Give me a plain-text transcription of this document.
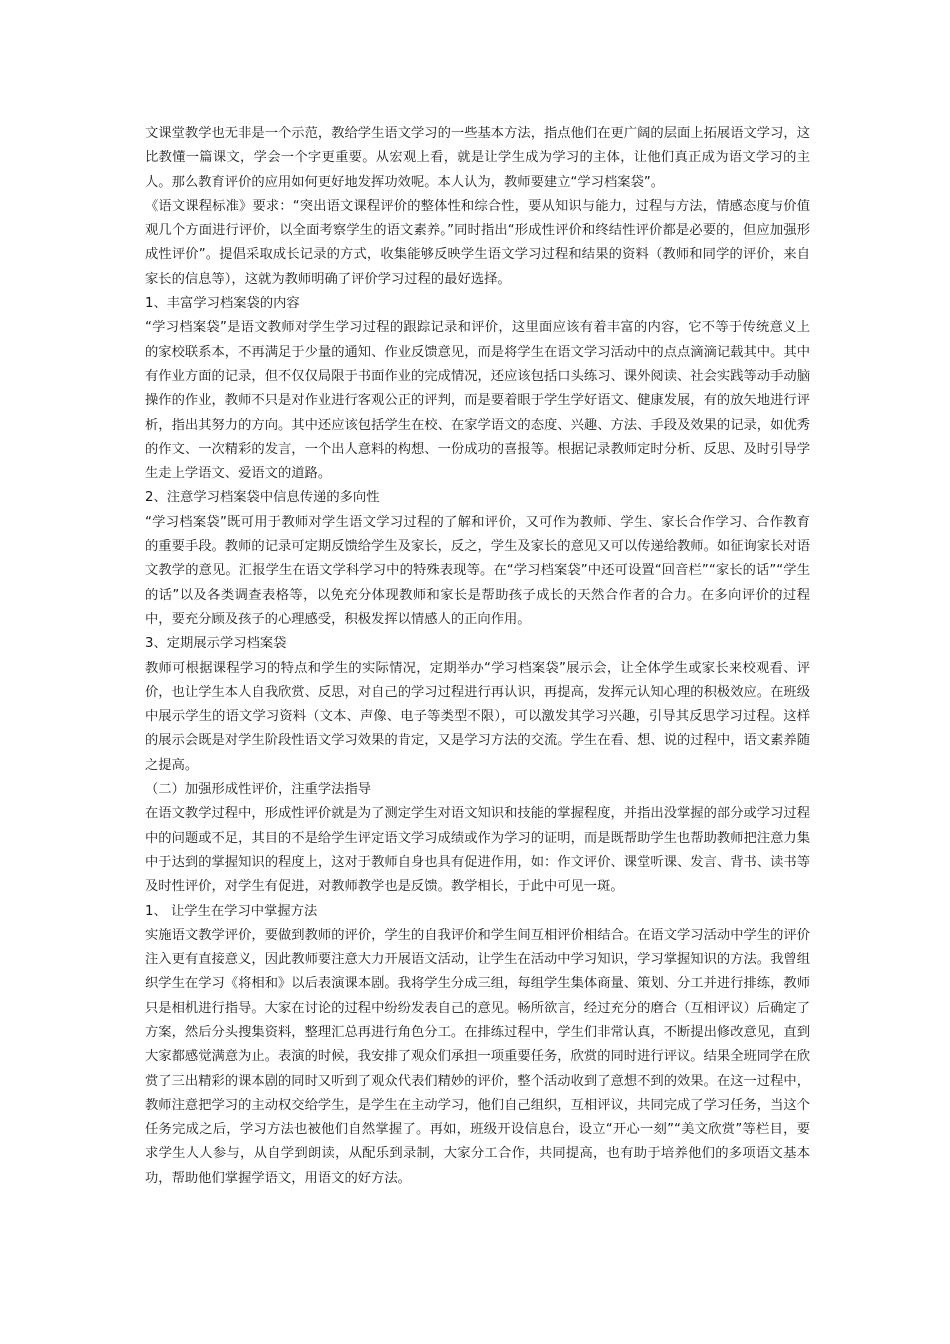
文课堂教学也无非是一个示范，教给学生语文学习的一些基本方法，指点他们在更广阔的层面上拓展语文学习，这比教懂一篇课文，学会一个字更重要。从宏观上看，就是让学生成为学习的主体，让他们真正成为语文学习的主人。那么教育评价的应用如何更好地发挥功效呢。本人认为，教师要建立“学习档案袋”。

《语文课程标准》要求：“突出语文课程评价的整体性和综合性，要从知识与能力，过程与方法，情感态度与价值观几个方面进行评价，以全面考察学生的语文素养。”同时指出“形成性评价和终结性评价都是必要的，但应加强形成性评价”。提倡采取成长记录的方式，收集能够反映学生语文学习过程和结果的资料（教师和同学的评价，来自家长的信息等），这就为教师明确了评价学习过程的最好选择。

1、丰富学习档案袋的内容

“学习档案袋”是语文教师对学生学习过程的跟踪记录和评价，这里面应该有着丰富的内容，它不等于传统意义上的家校联系本，不再满足于少量的通知、作业反馈意见，而是将学生在语文学习活动中的点点滴滴记载其中。其中有作业方面的记录，但不仅仅局限于书面作业的完成情况，还应该包括口头练习、课外阅读、社会实践等动手动脑操作的作业，教师不只是对作业进行客观公正的评判，而是要着眼于学生学好语文、健康发展，有的放矢地进行评析，指出其努力的方向。其中还应该包括学生在校、在家学语文的态度、兴趣、方法、手段及效果的记录，如优秀的作文、一次精彩的发言，一个出人意料的构想、一份成功的喜报等。根据记录教师定时分析、反思、及时引导学生走上学语文、爱语文的道路。

2、注意学习档案袋中信息传递的多向性

“学习档案袋”既可用于教师对学生语文学习过程的了解和评价，又可作为教师、学生、家长合作学习、合作教育的重要手段。教师的记录可定期反馈给学生及家长，反之，学生及家长的意见又可以传递给教师。如征询家长对语文教学的意见。汇报学生在语文学科学习中的特殊表现等。在“学习档案袋”中还可设置“回音栏”“家长的话”“学生的话”以及各类调查表格等，以免充分体现教师和家长是帮助孩子成长的天然合作者的合力。在多向评价的过程中，要充分顾及孩子的心理感受，积极发挥以情感人的正向作用。

3、定期展示学习档案袋

教师可根据课程学习的特点和学生的实际情况，定期举办“学习档案袋”展示会，让全体学生或家长来校观看、评价，也让学生本人自我欣赏、反思，对自己的学习过程进行再认识，再提高，发挥元认知心理的积极效应。在班级中展示学生的语文学习资料（文本、声像、电子等类型不限），可以激发其学习兴趣，引导其反思学习过程。这样的展示会既是对学生阶段性语文学习效果的肯定，又是学习方法的交流。学生在看、想、说的过程中，语文素养随之提高。

（二）加强形成性评价，注重学法指导

在语文教学过程中，形成性评价就是为了测定学生对语文知识和技能的掌握程度，并指出没掌握的部分或学习过程中的问题或不足，其目的不是给学生评定语文学习成绩或作为学习的证明，而是既帮助学生也帮助教师把注意力集中于达到的掌握知识的程度上，这对于教师自身也具有促进作用，如：作文评价、课堂听课、发言、背书、读书等及时性评价，对学生有促进，对教师教学也是反馈。教学相长，于此中可见一斑。

1、 让学生在学习中掌握方法

实施语文教学评价，要做到教师的评价，学生的自我评价和学生间互相评价相结合。在语文学习活动中学生的评价注入更有直接意义，因此教师要注意大力开展语文活动，让学生在活动中学习知识，学习掌握知识的方法。我曾组织学生在学习《将相和》以后表演课本剧。我将学生分成三组，每组学生集体商量、策划、分工并进行排练，教师只是相机进行指导。大家在讨论的过程中纷纷发表自己的意见。畅所欲言，经过充分的磨合（互相评议）后确定了方案，然后分头搜集资料，整理汇总再进行角色分工。在排练过程中，学生们非常认真，不断提出修改意见，直到大家都感觉满意为止。表演的时候，我安排了观众们承担一项重要任务，欣赏的同时进行评议。结果全班同学在欣赏了三出精彩的课本剧的同时又听到了观众代表们精妙的评价，整个活动收到了意想不到的效果。在这一过程中，教师注意把学习的主动权交给学生，是学生在主动学习，他们自己组织，互相评议，共同完成了学习任务，当这个任务完成之后，学习方法也被他们自然掌握了。再如，班级开设信息台，设立“开心一刻”“美文欣赏”等栏目，要求学生人人参与，从自学到朗读，从配乐到录制，大家分工合作，共同提高，也有助于培养他们的多项语文基本功，帮助他们掌握学语文，用语文的好方法。
